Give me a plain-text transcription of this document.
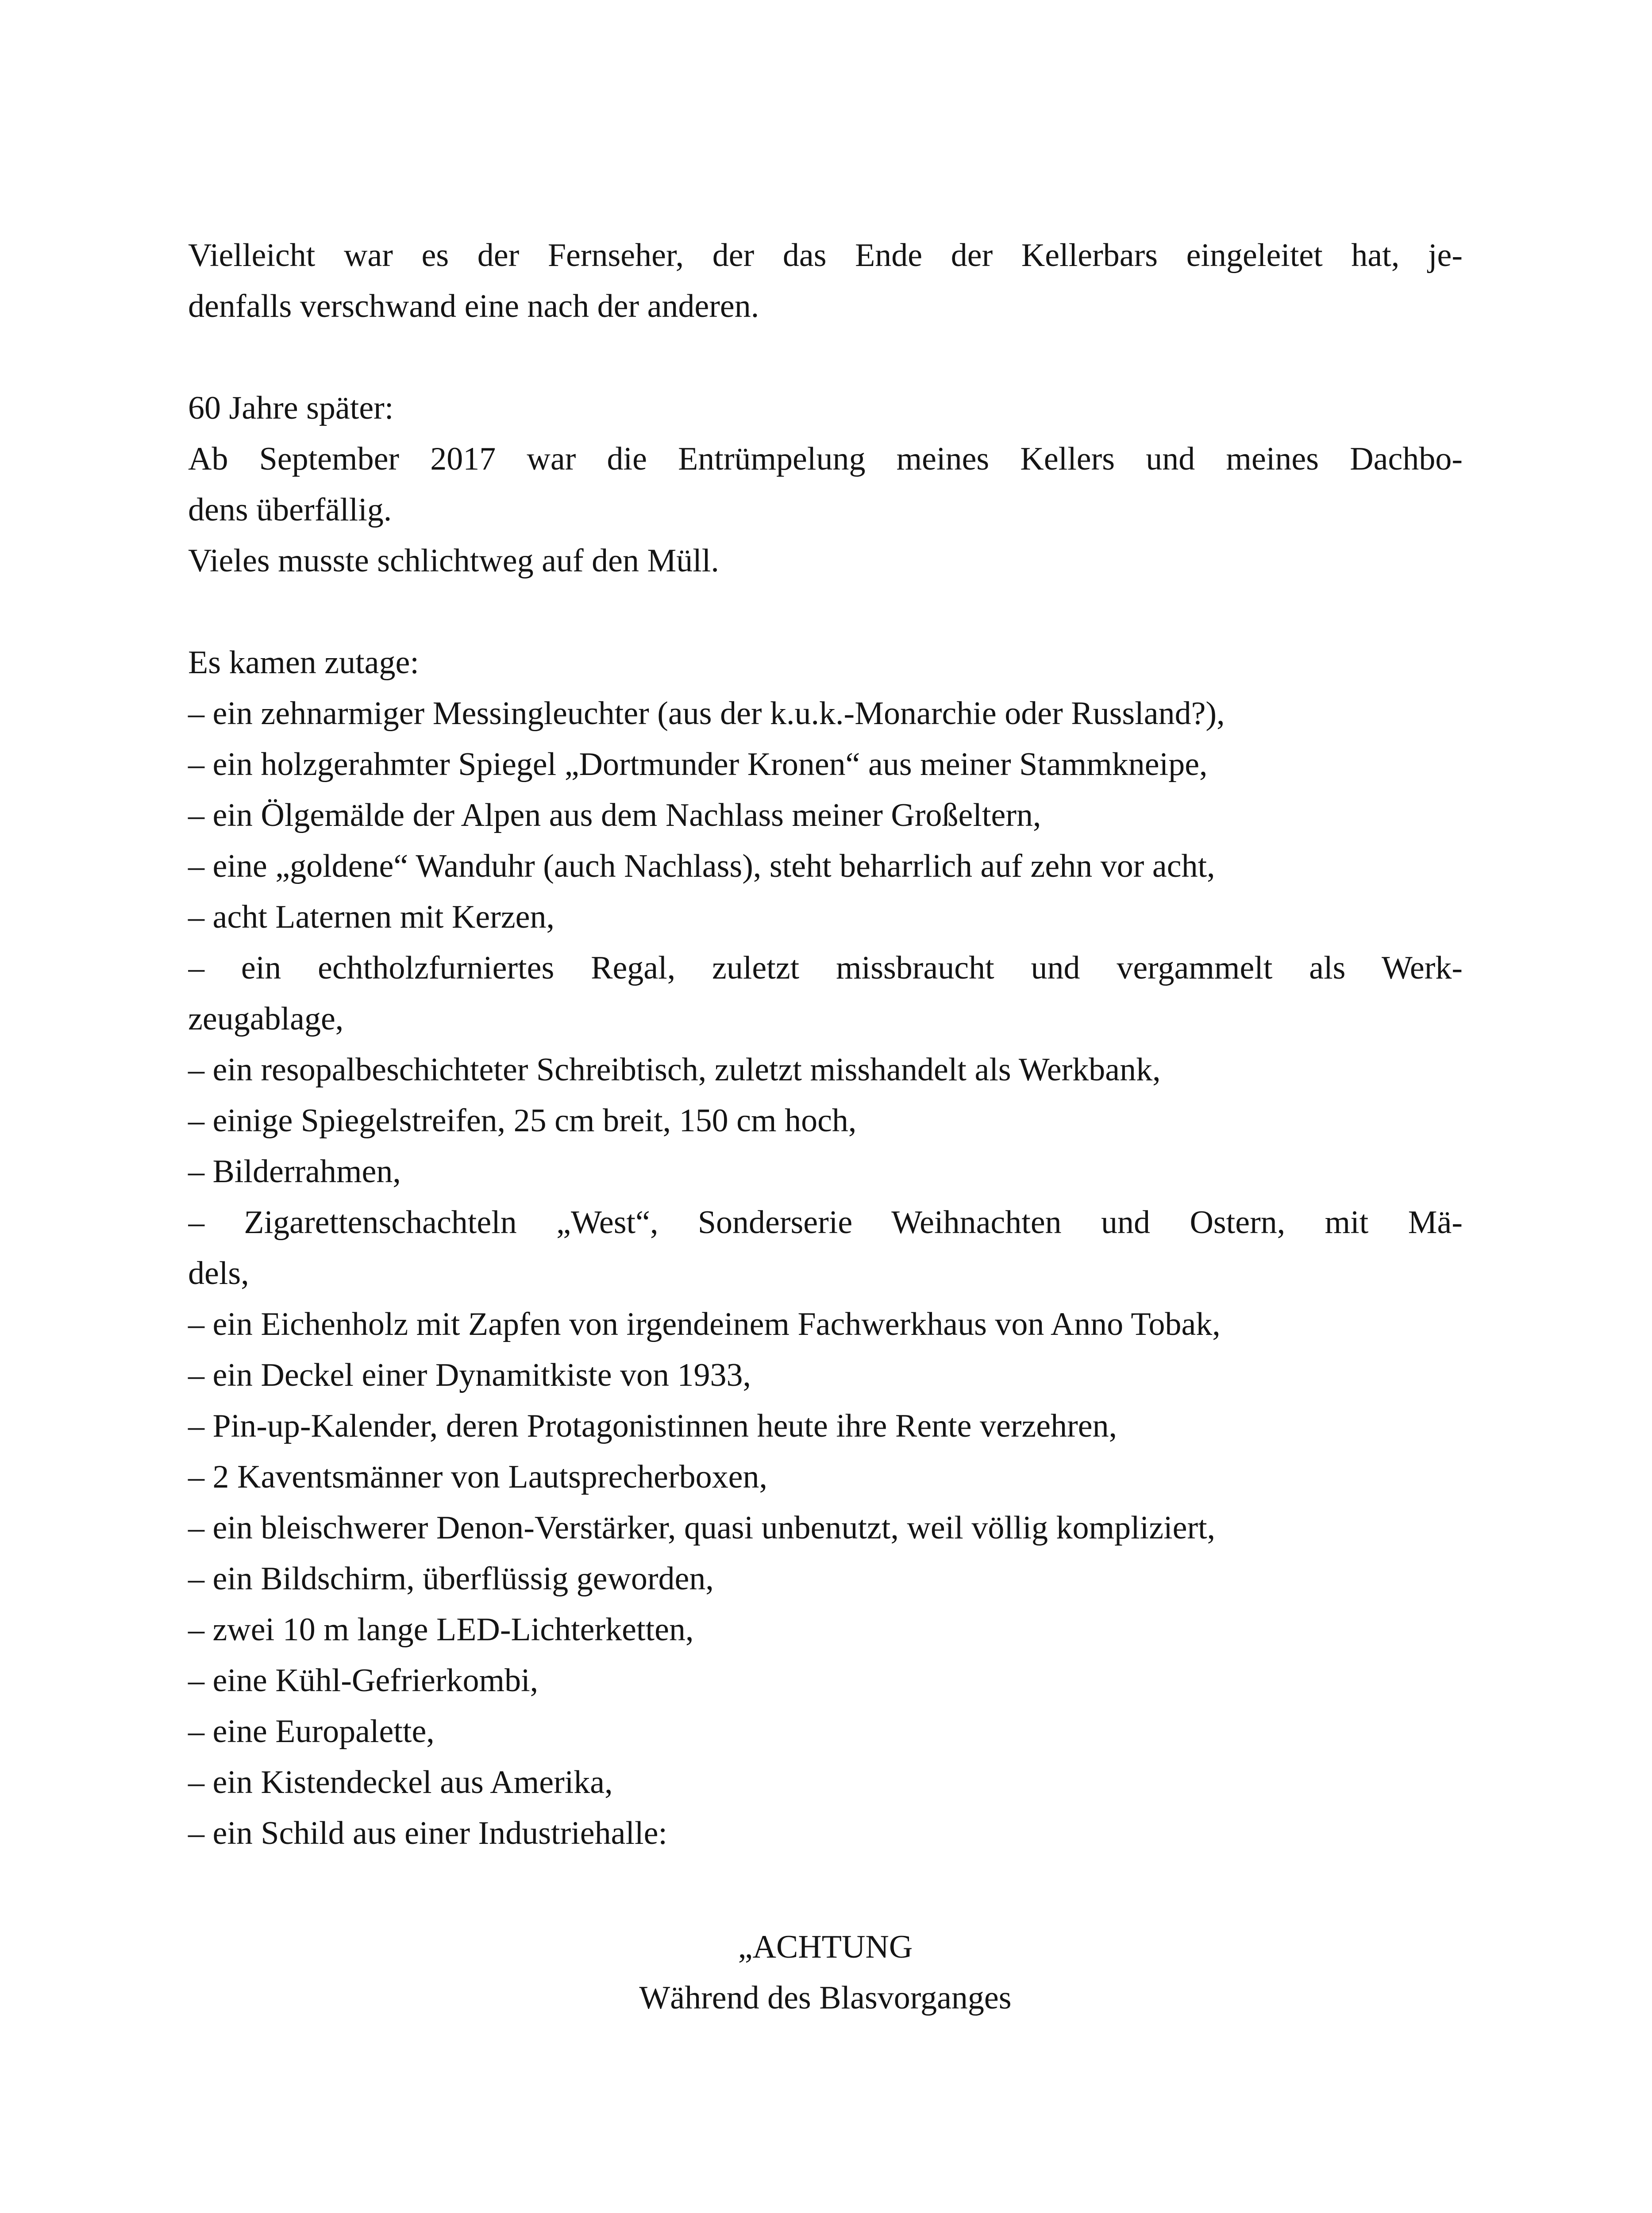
Vielleicht war es der Fernseher, der das Ende der Kellerbars eingeleitet hat, je-
denfalls verschwand eine nach der anderen.
60 Jahre später:
Ab September 2017 war die Entrümpelung meines Kellers und meines Dachbo-
dens überfällig.
Vieles musste schlichtweg auf den Müll.
Es kamen zutage:
– ein zehnarmiger Messingleuchter (aus der k.u.k.-Monarchie oder Russland?),
– ein holzgerahmter Spiegel „Dortmunder Kronen“ aus meiner Stammkneipe,
– ein Ölgemälde der Alpen aus dem Nachlass meiner Großeltern,
– eine „goldene“ Wanduhr (auch Nachlass), steht beharrlich auf zehn vor acht,
– acht Laternen mit Kerzen,
– ein echtholzfurniertes Regal, zuletzt missbraucht und vergammelt als Werk-
zeugablage,
– ein resopalbeschichteter Schreibtisch, zuletzt misshandelt als Werkbank,
– einige Spiegelstreifen, 25 cm breit, 150 cm hoch,
– Bilderrahmen,
– Zigarettenschachteln „West“, Sonderserie Weihnachten und Ostern, mit Mä-
dels,
– ein Eichenholz mit Zapfen von irgendeinem Fachwerkhaus von Anno Tobak,
– ein Deckel einer Dynamitkiste von 1933,
– Pin-up-Kalender, deren Protagonistinnen heute ihre Rente verzehren,
– 2 Kaventsmänner von Lautsprecherboxen,
– ein bleischwerer Denon-Verstärker, quasi unbenutzt, weil völlig kompliziert,
– ein Bildschirm, überflüssig geworden,
– zwei 10 m lange LED-Lichterketten,
– eine Kühl-Gefrierkombi,
– eine Europalette,
– ein Kistendeckel aus Amerika,
– ein Schild aus einer Industriehalle:
„ACHTUNG
Während des Blasvorganges
